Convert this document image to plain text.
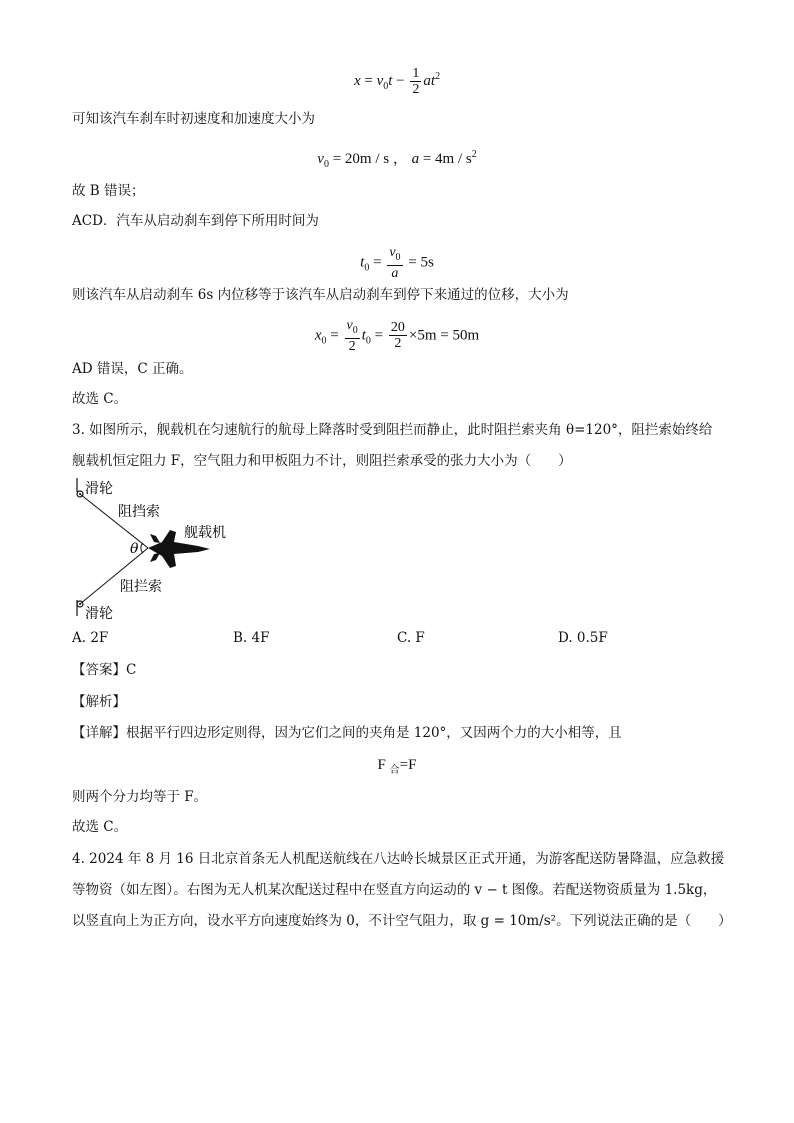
$x = v_0t - \frac{1}{2} at^2$
可知该汽车刹车时初速度和加速度大小为
$v_0 = 20m / s$ ， $a = 4m / s^2$
故 B 错误；
ACD．汽车从启动刹车到停下所用时间为
$t_0 = \frac{v_0}{a} = 5s$
则该汽车从启动刹车 6s 内位移等于该汽车从启动刹车到停下来通过的位移，大小为
$x_0 = \frac{v_0}{2} t_0 = \frac{20}{2} \times 5m = 50m$
AD 错误，C 正确。
故选 C。
3. 如图所示，舰载机在匀速航行的航母上降落时受到阻拦而静止，此时阻拦索夹角 θ=120°，阻拦索始终给
舰载机恒定阻力 F，空气阻力和甲板阻力不计，则阻拦索承受的张力大小为（　　）
滑轮
阻挡索
θ
舰载机
阻拦索
滑轮
A. 2F	B. 4F	C. F	D. 0.5F
【答案】C
【解析】
【详解】根据平行四边形定则得，因为它们之间的夹角是 120°，又因两个力的大小相等，且
F $_合$=F
则两个分力均等于 F。
故选 C。
4. 2024 年 8 月 16 日北京首条无人机配送航线在八达岭长城景区正式开通，为游客配送防暑降温，应急救援
等物资（如左图）。右图为无人机某次配送过程中在竖直方向运动的 v − t 图像。若配送物资质量为 1.5kg，
以竖直向上为正方向，设水平方向速度始终为 0，不计空气阻力，取 g = 10m/s²。下列说法正确的是（　　）
